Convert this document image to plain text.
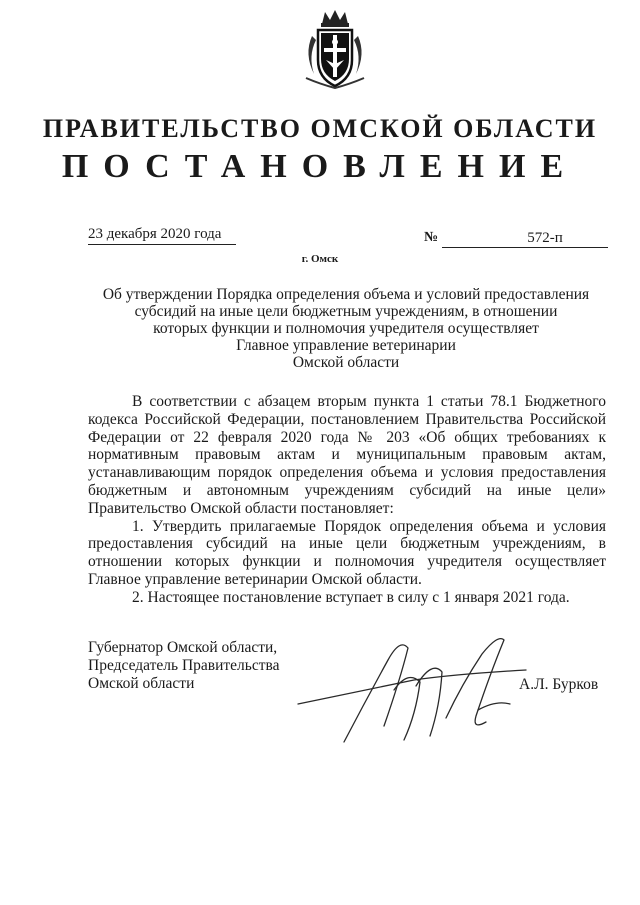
ПРАВИТЕЛЬСТВО ОМСКОЙ ОБЛАСТИ
ПОСТАНОВЛЕНИЕ
23 декабря 2020 года	№	572-п
г. Омск
Об утверждении Порядка определения объема и условий предоставления
субсидий на иные цели бюджетным учреждениям, в отношении
которых функции и полномочия учредителя осуществляет
Главное управление ветеринарии
Омской области

В соответствии с абзацем вторым пункта 1 статьи 78.1 Бюджетного кодекса Российской Федерации, постановлением Правительства Российской Федерации от 22 февраля 2020 года № 203 «Об общих требованиях к нормативным правовым актам и муниципальным правовым актам, устанавливающим порядок определения объема и условия предоставления бюджетным и автономным учреждениям субсидий на иные цели» Правительство Омской области постановляет:

1. Утвердить прилагаемые Порядок определения объема и условия предоставления субсидий на иные цели бюджетным учреждениям, в отношении которых функции и полномочия учредителя осуществляет Главное управление ветеринарии Омской области.

2. Настоящее постановление вступает в силу с 1 января 2021 года.

Губернатор Омской области,
Председатель Правительства
Омской области	А.Л. Бурков
